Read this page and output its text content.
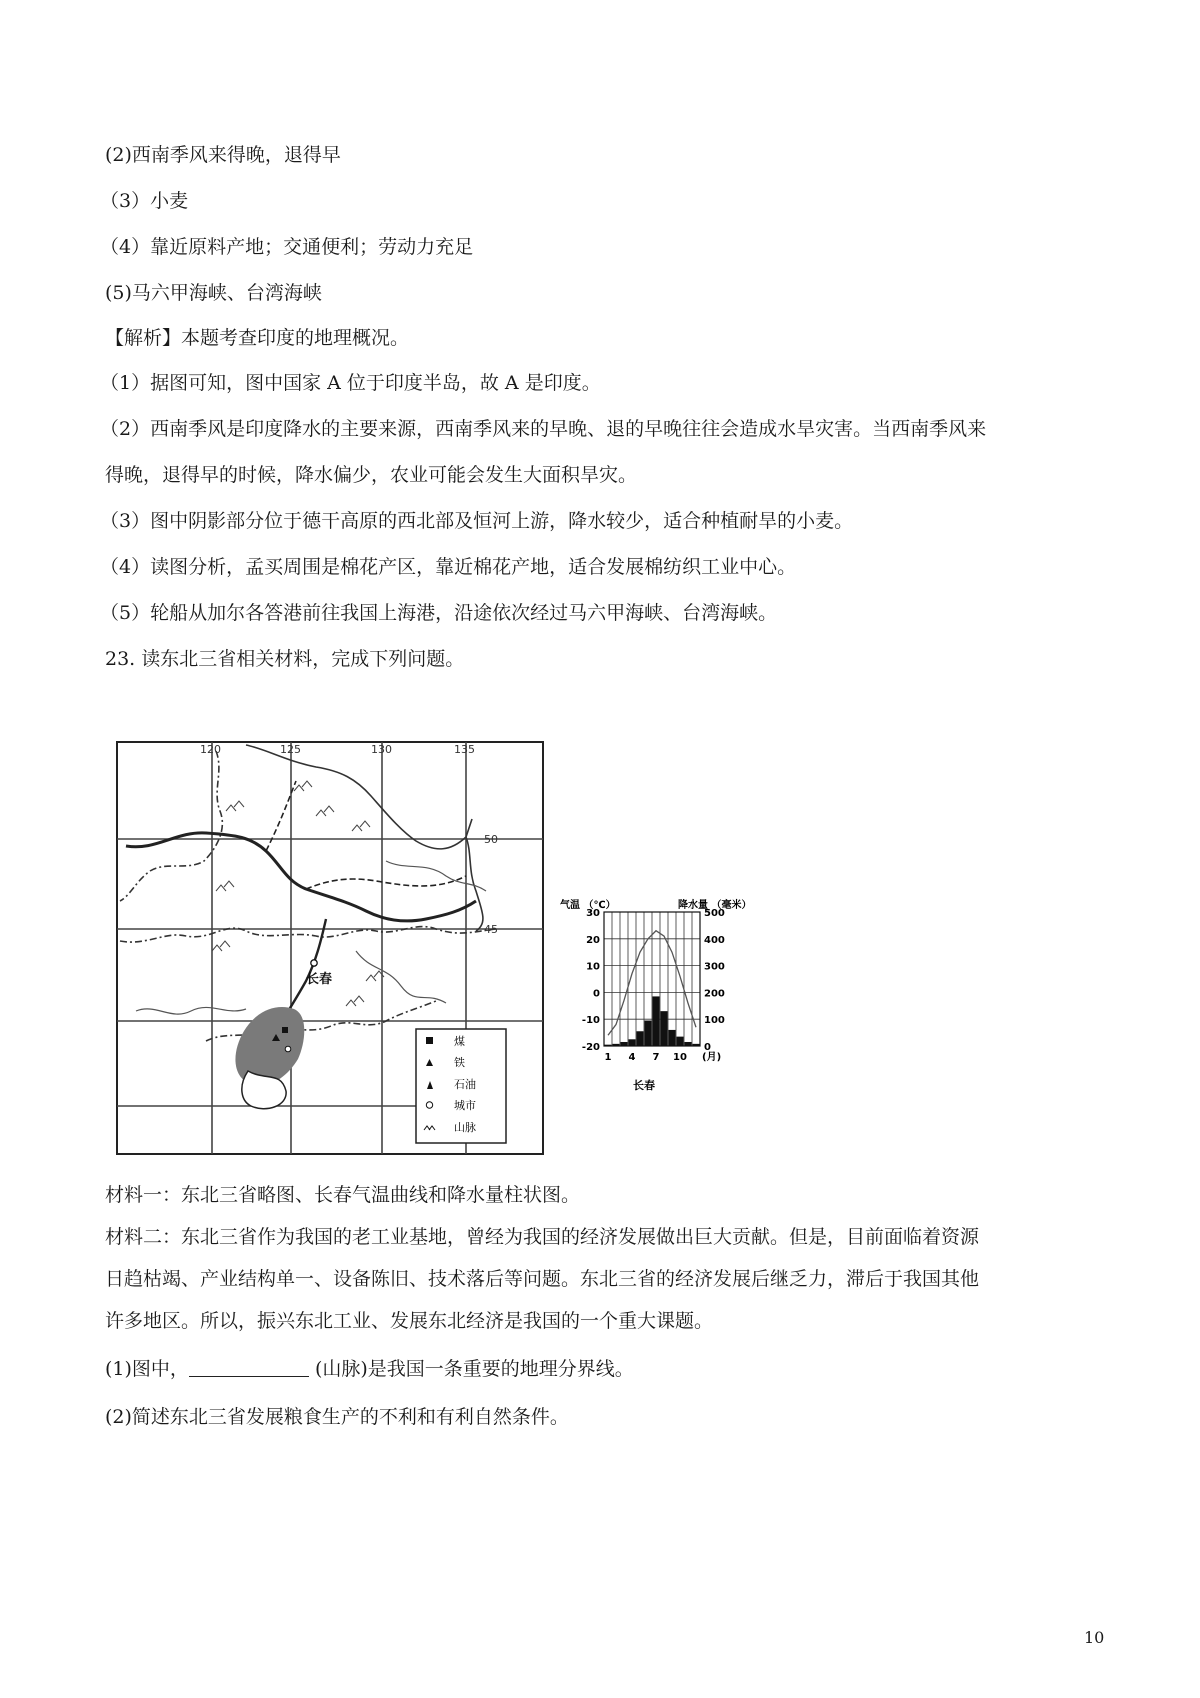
(2)西南季风来得晚，退得早
（3）小麦
（4）靠近原料产地；交通便利；劳动力充足
(5)马六甲海峡、台湾海峡
【解析】本题考查印度的地理概况。
（1）据图可知，图中国家 A 位于印度半岛，故 A 是印度。
（2）西南季风是印度降水的主要来源，西南季风来的早晚、退的早晚往往会造成水旱灾害。当西南季风来
得晚，退得早的时候，降水偏少，农业可能会发生大面积旱灾。
（3）图中阴影部分位于德干高原的西北部及恒河上游，降水较少，适合种植耐旱的小麦。
（4）读图分析，孟买周围是棉花产区，靠近棉花产地，适合发展棉纺织工业中心。
（5）轮船从加尔各答港前往我国上海港，沿途依次经过马六甲海峡、台湾海峡。
23. 读东北三省相关材料，完成下列问题。
120	125	130	135
50
45
长春
煤
铁
石油
城市
山脉
气温 （℃）	降水量 （毫米）
30
20
10
0
-10
-20
500
400
300
200
100
0
1 4 7 10 (月)
长春
材料一：东北三省略图、长春气温曲线和降水量柱状图。
材料二：东北三省作为我国的老工业基地，曾经为我国的经济发展做出巨大贡献。但是，目前面临着资源
日趋枯竭、产业结构单一、设备陈旧、技术落后等问题。东北三省的经济发展后继乏力，滞后于我国其他
许多地区。所以，振兴东北工业、发展东北经济是我国的一个重大课题。
(1)图中，	(山脉)是我国一条重要的地理分界线。
(2)简述东北三省发展粮食生产的不利和有利自然条件。
10
